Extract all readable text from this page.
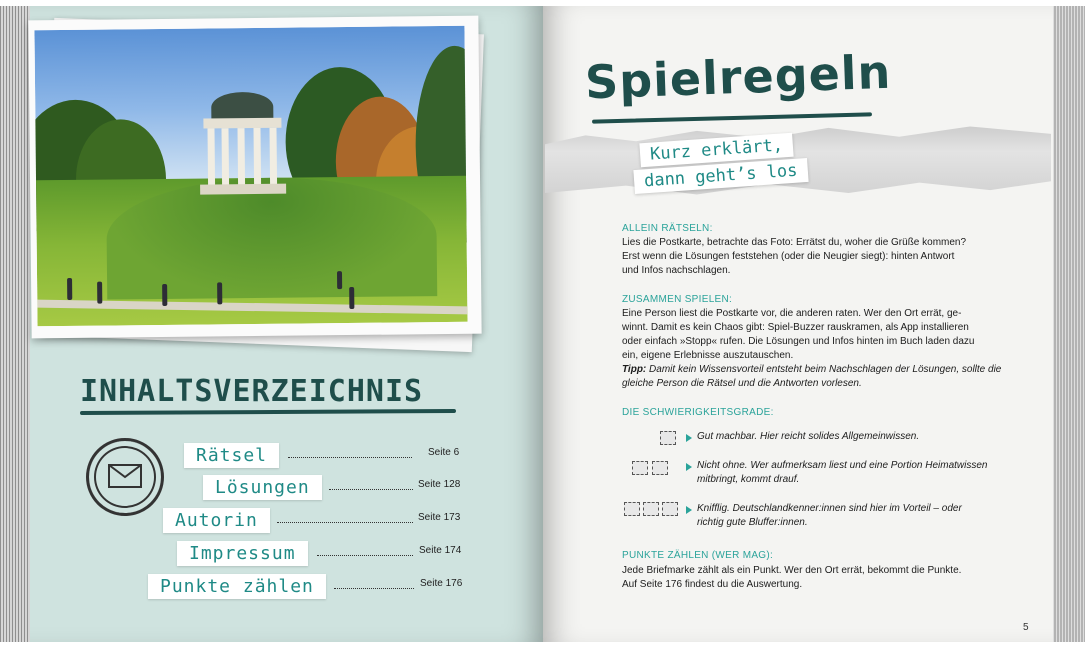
INHALTSVERZEICHNIS
Rätsel	Seite 6
Lösungen	Seite 128
Autorin	Seite 173
Impressum	Seite 174
Punkte zählen	Seite 176
Spielregeln
Kurz erklärt,
dann geht’s los
ALLEIN RÄTSELN:
Lies die Postkarte, betrachte das Foto: Errätst du, woher die Grüße kommen?
Erst wenn die Lösungen feststehen (oder die Neugier siegt): hinten Antwort
und Infos nachschlagen.
ZUSAMMEN SPIELEN:
Eine Person liest die Postkarte vor, die anderen raten. Wer den Ort errät, ge-
winnt. Damit es kein Chaos gibt: Spiel-Buzzer rauskramen, als App installieren
oder einfach »Stopp« rufen. Die Lösungen und Infos hinten im Buch laden dazu
ein, eigene Erlebnisse auszutauschen.
Tipp: Damit kein Wissensvorteil entsteht beim Nachschlagen der Lösungen, sollte die
gleiche Person die Rätsel und die Antworten vorlesen.
DIE SCHWIERIGKEITSGRADE:
Gut machbar. Hier reicht solides Allgemeinwissen.
Nicht ohne. Wer aufmerksam liest und eine Portion Heimatwissen
mitbringt, kommt drauf.
Knifflig. Deutschlandkenner:innen sind hier im Vorteil – oder
richtig gute Bluffer:innen.
PUNKTE ZÄHLEN (WER MAG):
Jede Briefmarke zählt als ein Punkt. Wer den Ort errät, bekommt die Punkte.
Auf Seite 176 findest du die Auswertung.
5
